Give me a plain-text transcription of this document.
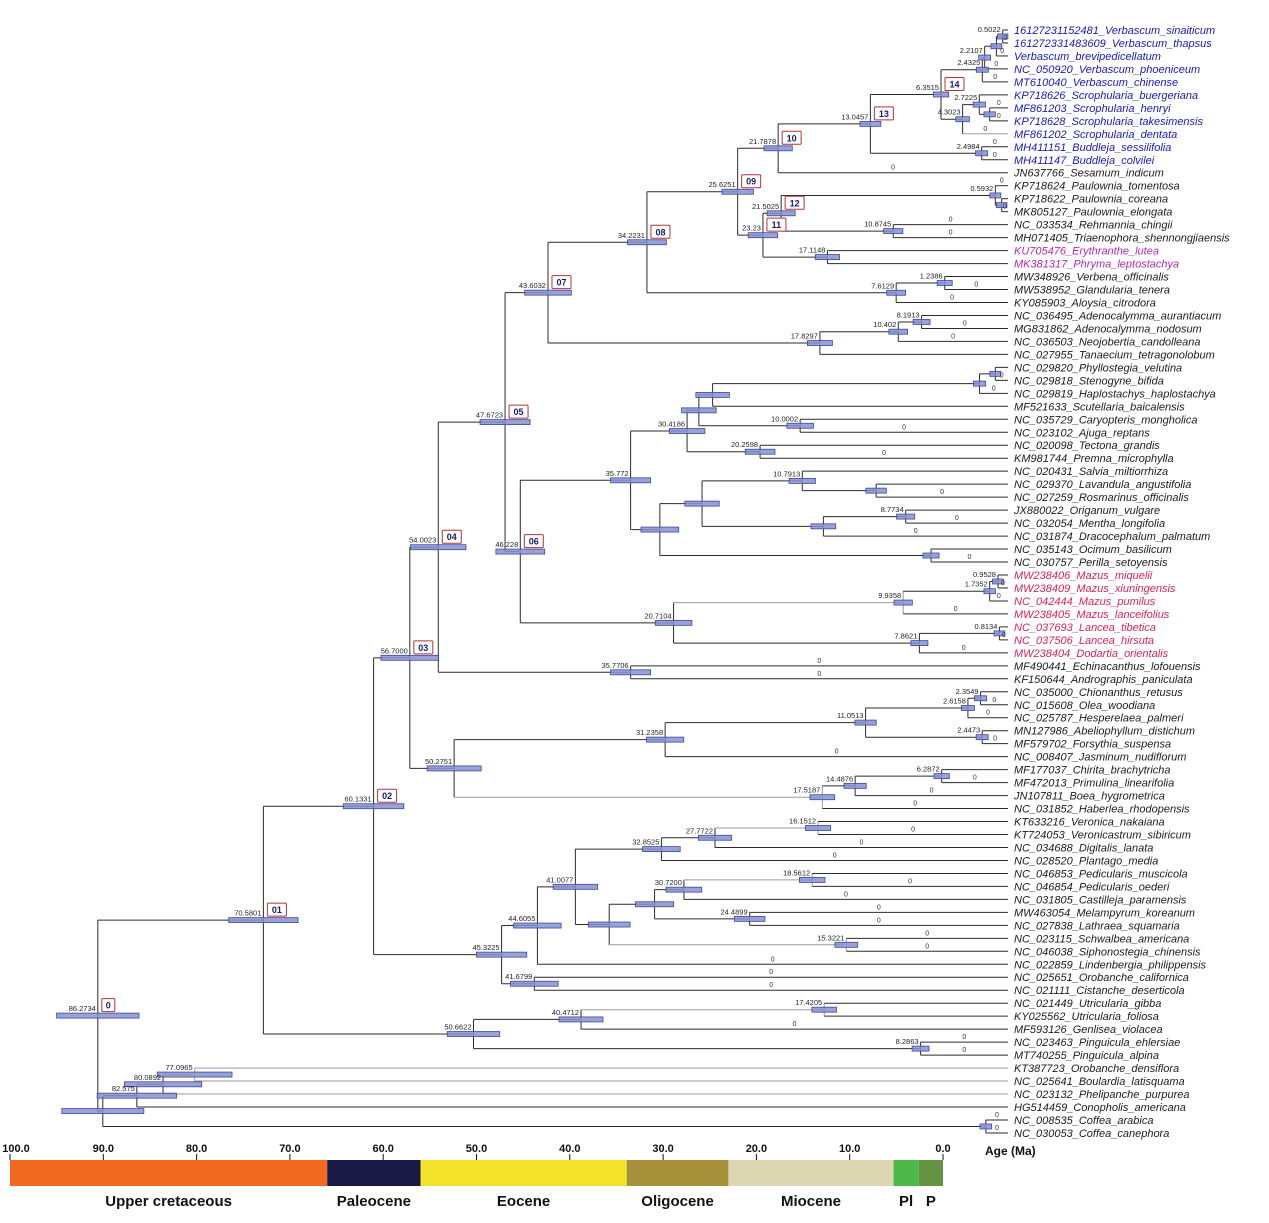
16127231152481_Verbascum_sinaiticum
161272331483609_Verbascum_thapsus
0
0.5022
Verbascum_brevipedicellatum
0
NC_050920_Verbascum_phoeniceum
0
2.2107
MT610040_Verbascum_chinense
0
2.4325
KP718626_Scrophularia_buergeriana
MF861203_Scrophularia_henryi
0
KP718628_Scrophularia_takesimensis
0
2.7225
MF861202_Scrophularia_dentata
0
4.3023
6.3515 14
MH411151_Buddleja_sessilifolia
0
MH411147_Buddleja_colvilei
0
2.4984
13.0457 13
JN637766_Sesamum_indicum
0
21.7878 10
KP718624_Paulownia_tomentosa
0
KP718622_Paulownia_coreana
MK805127_Paulownia_elongata
0
0.5932
NC_033534_Rehmannia_chingii
0
MH071405_Triaenophora_shennongjiaensis
0
10.8745
21.5025 12
KU705476_Erythranthe_lutea
MK381317_Phryma_leptostachya
17.1148
23.23 11
25.6251 09
MW348926_Verbena_officinalis
MW538952_Glandularia_tenera
0
1.2386
KY085903_Aloysia_citrodora
0
7.6129
34.2231 08
NC_036495_Adenocalymma_aurantiacum
MG831862_Adenocalymma_nodosum
0
8.1913
NC_036503_Neojobertia_candolleana
0
10.402
NC_027955_Tanaecium_tetragonolobum
17.8297
43.6032 07
NC_029820_Phyllostegia_velutina
NC_029818_Stenogyne_bifida
0
NC_029819_Haplostachys_haplostachya
0
MF521633_Scutellaria_baicalensis
NC_035729_Caryopteris_mongholica
NC_023102_Ajuga_reptans
0
10.0002
NC_020098_Tectona_grandis
KM981744_Premna_microphylla
0
20.2598
30.4186
NC_020431_Salvia_miltiorrhiza
NC_029370_Lavandula_angustifolia
NC_027259_Rosmarinus_officinalis
0
10.7913
JX880022_Origanum_vulgare
NC_032054_Mentha_longifolia
0
8.7734
NC_031874_Dracocephalum_palmatum
0
NC_035143_Ocimum_basilicum
NC_030757_Perilla_setoyensis
0
35.772
MW238406_Mazus_miquelii
MW238409_Mazus_xiuningensis
0
0.9528
NC_042444_Mazus_pumilus
0
1.7352
MW238405_Mazus_lanceifolius
0
9.9358
NC_037693_Lancea_tibetica
NC_037506_Lancea_hirsuta
0
0.8134
MW238404_Dodartia_orientalis
0
7.8621
20.7104
46.228 06
47.6723 05
MF490441_Echinacanthus_lofouensis
0
KF150644_Andrographis_paniculata
0
35.7706
54.0023 04
NC_035000_Chionanthus_retusus
NC_015608_Olea_woodiana
0
2.3549
NC_025787_Hesperelaea_palmeri
0
2.6158
MN127986_Abeliophyllum_distichum
MF579702_Forsythia_suspensa
0
2.4473
11.0513
NC_008407_Jasminum_nudiflorum
0
31.2358
MF177037_Chirita_brachytricha
MF472013_Primulina_linearifolia
0
6.2872
JN107811_Boea_hygrometrica
0
14.4876
NC_031852_Haberlea_rhodopensis
0
17.5187
50.2751
56.7000 03
KT633216_Veronica_nakaiana
KT724053_Veronicastrum_sibiricum
0
16.1512
NC_034688_Digitalis_lanata
0
27.7722
NC_028520_Plantago_media
0
32.8525
NC_046853_Pedicularis_muscicola
NC_046854_Pedicularis_oederi
0
18.5612
NC_031805_Castilleja_paramensis
0
30.7200
MW463054_Melampyrum_koreanum
0
NC_027838_Lathraea_squamaria
0
24.4899
NC_023115_Schwalbea_americana
0
NC_046038_Siphonostegia_chinensis
0
15.3221
41.0077
NC_022859_Lindenbergia_philippensis
0
44.6055
NC_025651_Orobanche_californica
0
NC_021111_Cistanche_deserticola
0
41.6799
45.3225
60.1331 02
NC_021449_Utricularia_gibba
KY025562_Utricularia_foliosa
17.4205
MF593126_Genlisea_violacea
0
40.4712
NC_023463_Pinguicula_ehlersiae
0
MT740255_Pinguicula_alpina
0
8.2863
50.6622
70.5801 01
KT387723_Orobanche_densiflora
NC_025641_Boulardia_latisquama
77.0965
NC_023132_Phelipanche_purpurea
80.0892
HG514459_Conopholis_americana
82.575
NC_008535_Coffea_arabica
0
NC_030053_Coffea_canephora
0
86.2734 0
Upper cretaceous	Paleocene	Eocene	Oligocene	Miocene	Pl P
100.0	90.0	80.0	70.0	60.0	50.0	40.0	30.0	20.0	10.0	0.0	Age (Ma)
